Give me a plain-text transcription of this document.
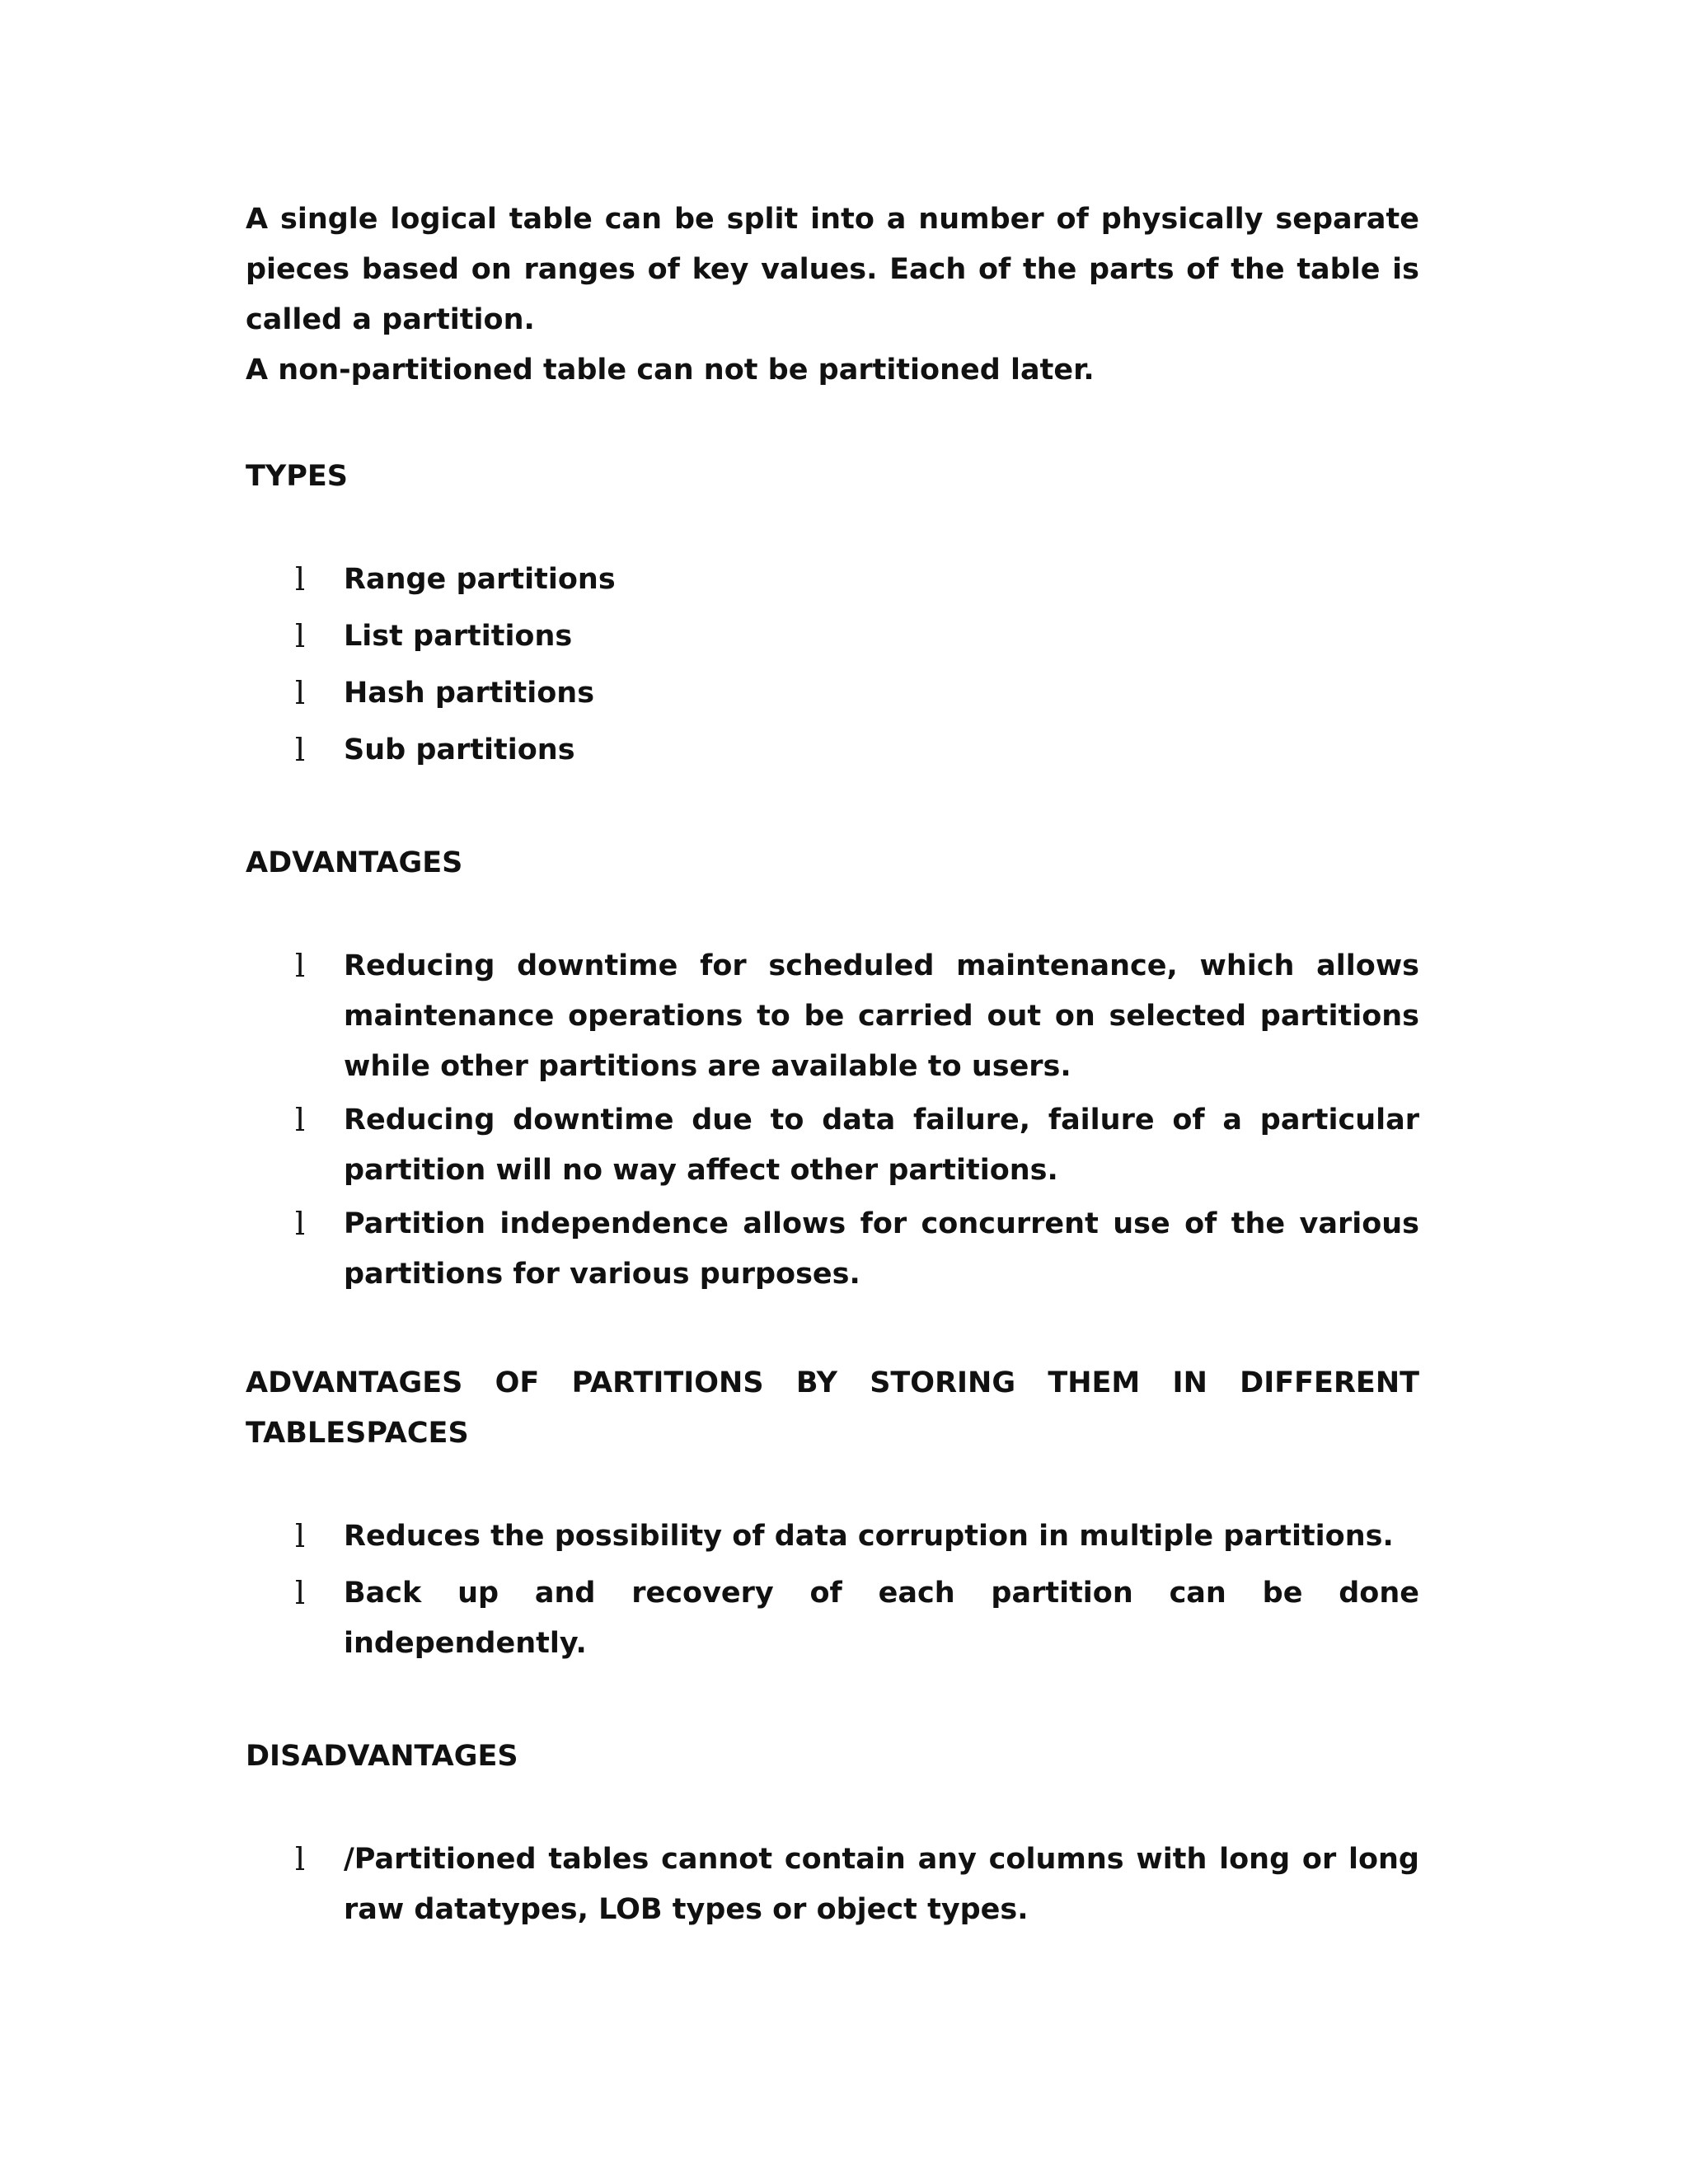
A single logical table can be split into a number of physically separate pieces based on ranges of key values. Each of the parts of the table is called a partition.

A non-partitioned table can not be partitioned later.

TYPES
l Range partitions
l List partitions
l Hash partitions
l Sub partitions
ADVANTAGES
l Reducing downtime for scheduled maintenance, which allows maintenance operations to be carried out on selected partitions while other partitions are available to users.
l Reducing downtime due to data failure, failure of a particular partition will no way affect other partitions.
l Partition independence allows for concurrent use of the various partitions for various purposes.
ADVANTAGES OF PARTITIONS BY STORING THEM IN DIFFERENT TABLESPACES
l Reduces the possibility of data corruption in multiple partitions.
l Back up and recovery of each partition can be done independently.
DISADVANTAGES
l /Partitioned tables cannot contain any columns with long or long raw datatypes, LOB types or object types.
